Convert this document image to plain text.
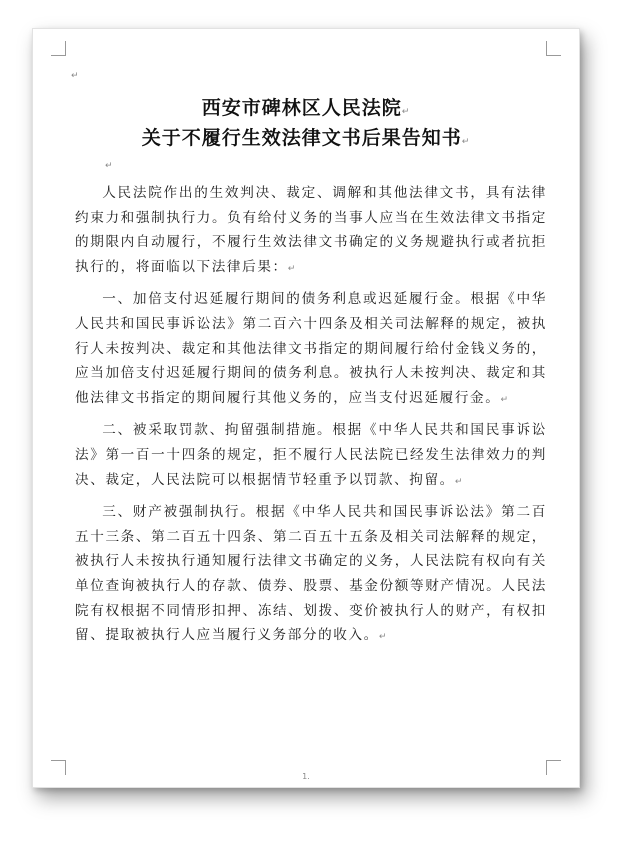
↵
西安市碑林区人民法院↵
关于不履行生效法律文书后果告知书↵
↵

人民法院作出的生效判决、裁定、调解和其他法律文书，具有法律约束力和强制执行力。负有给付义务的当事人应当在生效法律文书指定的期限内自动履行，不履行生效法律文书确定的义务规避执行或者抗拒执行的，将面临以下法律后果：↵

一、加倍支付迟延履行期间的债务利息或迟延履行金。根据《中华人民共和国民事诉讼法》第二百六十四条及相关司法解释的规定，被执行人未按判决、裁定和其他法律文书指定的期间履行给付金钱义务的，应当加倍支付迟延履行期间的债务利息。被执行人未按判决、裁定和其他法律文书指定的期间履行其他义务的，应当支付迟延履行金。↵

二、被采取罚款、拘留强制措施。根据《中华人民共和国民事诉讼法》第一百一十四条的规定，拒不履行人民法院已经发生法律效力的判决、裁定，人民法院可以根据情节轻重予以罚款、拘留。↵

三、财产被强制执行。根据《中华人民共和国民事诉讼法》第二百五十三条、第二百五十四条、第二百五十五条及相关司法解释的规定，被执行人未按执行通知履行法律文书确定的义务，人民法院有权向有关单位查询被执行人的存款、债券、股票、基金份额等财产情况。人民法院有权根据不同情形扣押、冻结、划拨、变价被执行人的财产，有权扣留、提取被执行人应当履行义务部分的收入。↵

1.
